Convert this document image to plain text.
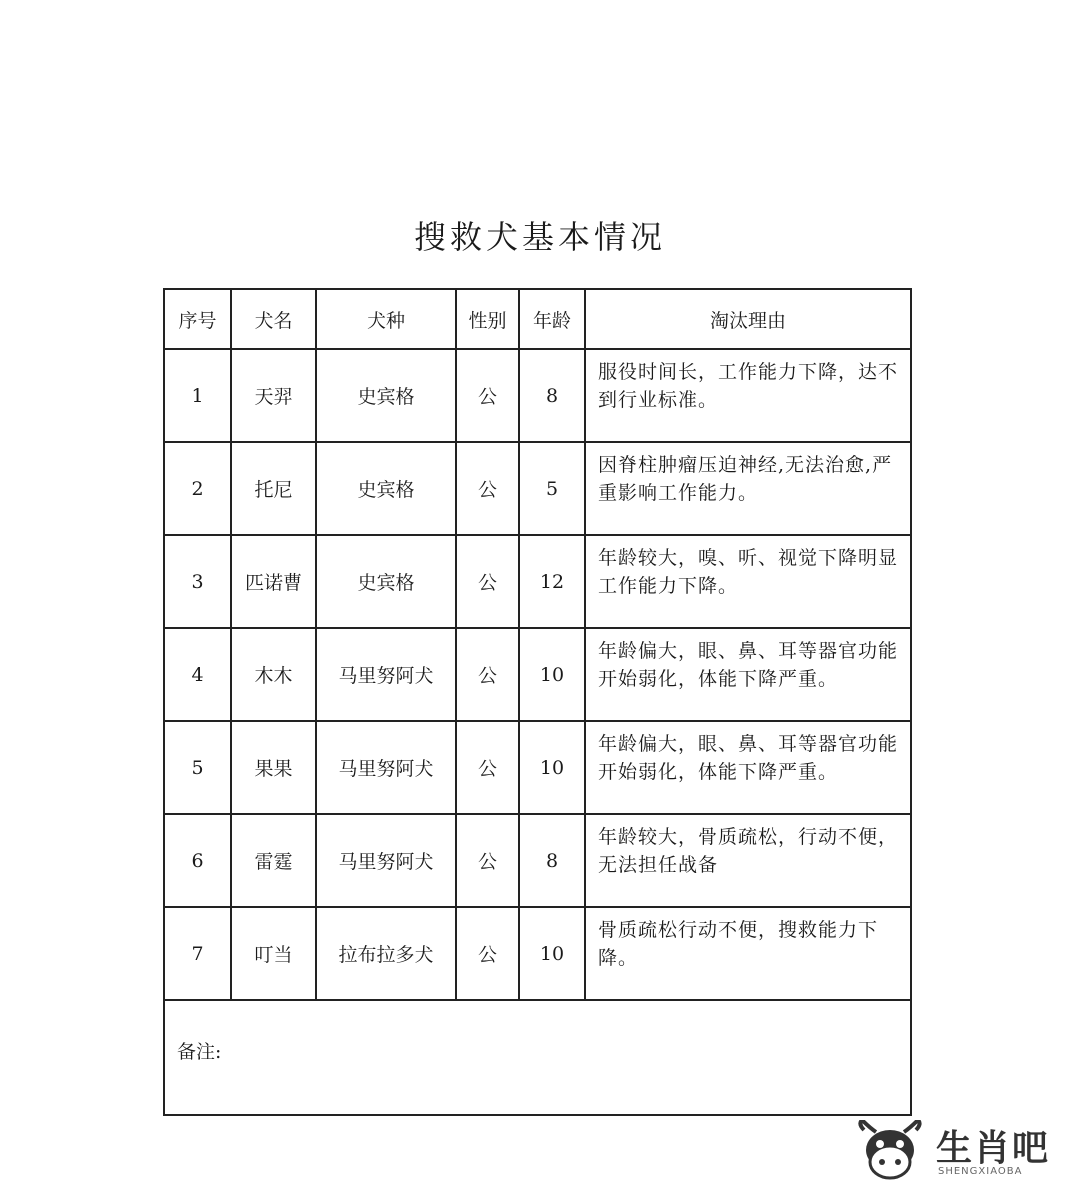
搜救犬基本情况
序号	犬名	犬种	性别	年龄	淘汰理由
1	天羿	史宾格	公	8	服役时间长，工作能力下降，达不到行业标准。
2	托尼	史宾格	公	5	因脊柱肿瘤压迫神经,无法治愈,严重影响工作能力。
3	匹诺曹	史宾格	公	12	年龄较大，嗅、听、视觉下降明显工作能力下降。
4	木木	马里努阿犬	公	10	年龄偏大，眼、鼻、耳等器官功能开始弱化，体能下降严重。
5	果果	马里努阿犬	公	10	年龄偏大，眼、鼻、耳等器官功能开始弱化，体能下降严重。
6	雷霆	马里努阿犬	公	8	年龄较大，骨质疏松，行动不便，无法担任战备
7	叮当	拉布拉多犬	公	10	骨质疏松行动不便，搜救能力下降。
备注:					
生肖吧
SHENGXIAOBA
